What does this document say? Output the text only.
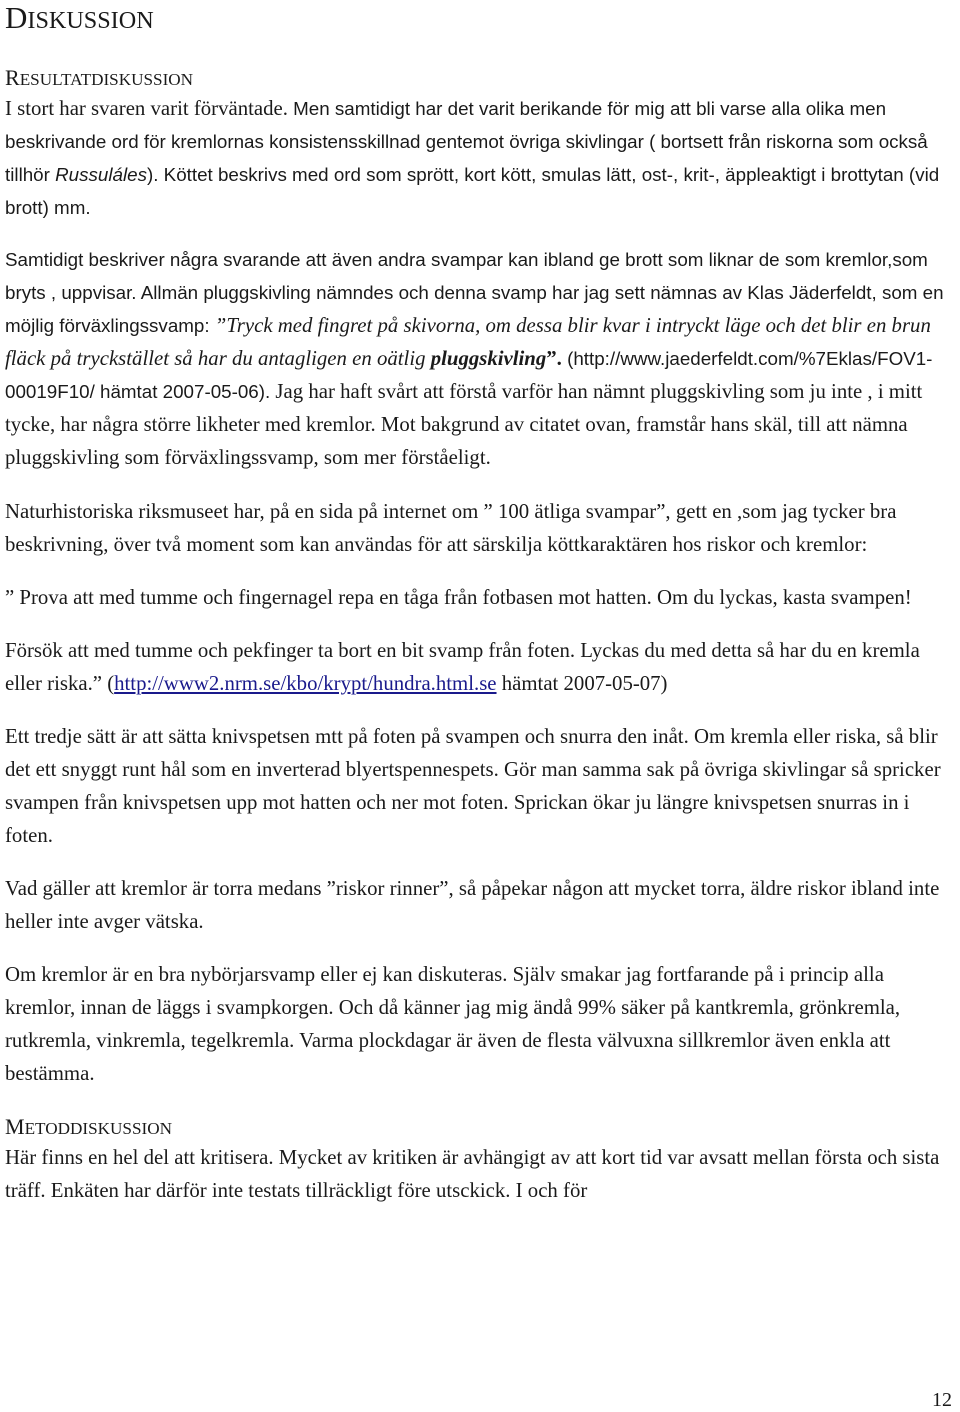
DISKUSSION
RESULTATDISKUSSION

I stort har svaren varit förväntade. Men samtidigt har det varit berikande för mig att bli varse alla olika men beskrivande ord för kremlornas konsistensskillnad gentemot övriga skivlingar ( bortsett från riskorna som också tillhör Russuláles). Köttet beskrivs med ord som sprött, kort kött, smulas lätt, ost-, krit-, äppleaktigt i brottytan (vid brott) mm.

Samtidigt beskriver några svarande att även andra svampar kan ibland ge brott som liknar de som kremlor,som bryts , uppvisar. Allmän pluggskivling nämndes och denna svamp har jag sett nämnas av Klas Jäderfeldt, som en möjlig förväxlingssvamp: ”Tryck med fingret på skivorna, om dessa blir kvar i intryckt läge och det blir en brun fläck på tryckstället så har du antagligen en oätlig pluggskivling”. (http://www.jaederfeldt.com/%7Eklas/FOV1-00019F10/ hämtat 2007-05-06). Jag har haft svårt att förstå varför han nämnt pluggskivling som ju inte , i mitt tycke, har några större likheter med kremlor. Mot bakgrund av citatet ovan, framstår hans skäl, till att nämna pluggskivling som förväxlingssvamp, som mer förståeligt.

Naturhistoriska riksmuseet har, på en sida på internet om ” 100 ätliga svampar”, gett en ,som jag tycker bra beskrivning, över två moment som kan användas för att särskilja köttkaraktären hos riskor och kremlor:

” Prova att med tumme och fingernagel repa en tåga från fotbasen mot hatten. Om du lyckas, kasta svampen!

Försök att med tumme och pekfinger ta bort en bit svamp från foten. Lyckas du med detta så har du en kremla eller riska.” (http://www2.nrm.se/kbo/krypt/hundra.html.se hämtat 2007-05-07)

Ett tredje sätt är att sätta knivspetsen mtt på foten på svampen och snurra den inåt. Om kremla eller riska, så blir det ett snyggt runt hål som en inverterad blyertspennespets. Gör man samma sak på övriga skivlingar så spricker svampen från knivspetsen upp mot hatten och ner mot foten. Sprickan ökar ju längre knivspetsen snurras in i foten.

Vad gäller att kremlor är torra medans ”riskor rinner”, så påpekar någon att mycket torra, äldre riskor ibland inte heller inte avger vätska.

Om kremlor är en bra nybörjarsvamp eller ej kan diskuteras. Själv smakar jag fortfarande på i princip alla kremlor, innan de läggs i svampkorgen. Och då känner jag mig ändå 99% säker på kantkremla, grönkremla, rutkremla, vinkremla, tegelkremla. Varma plockdagar är även de flesta välvuxna sillkremlor även enkla att bestämma.

METODDISKUSSION

Här finns en hel del att kritisera. Mycket av kritiken är avhängigt av att kort tid var avsatt mellan första och sista träff. Enkäten har därför inte testats tillräckligt före utsckick. I och för

12
